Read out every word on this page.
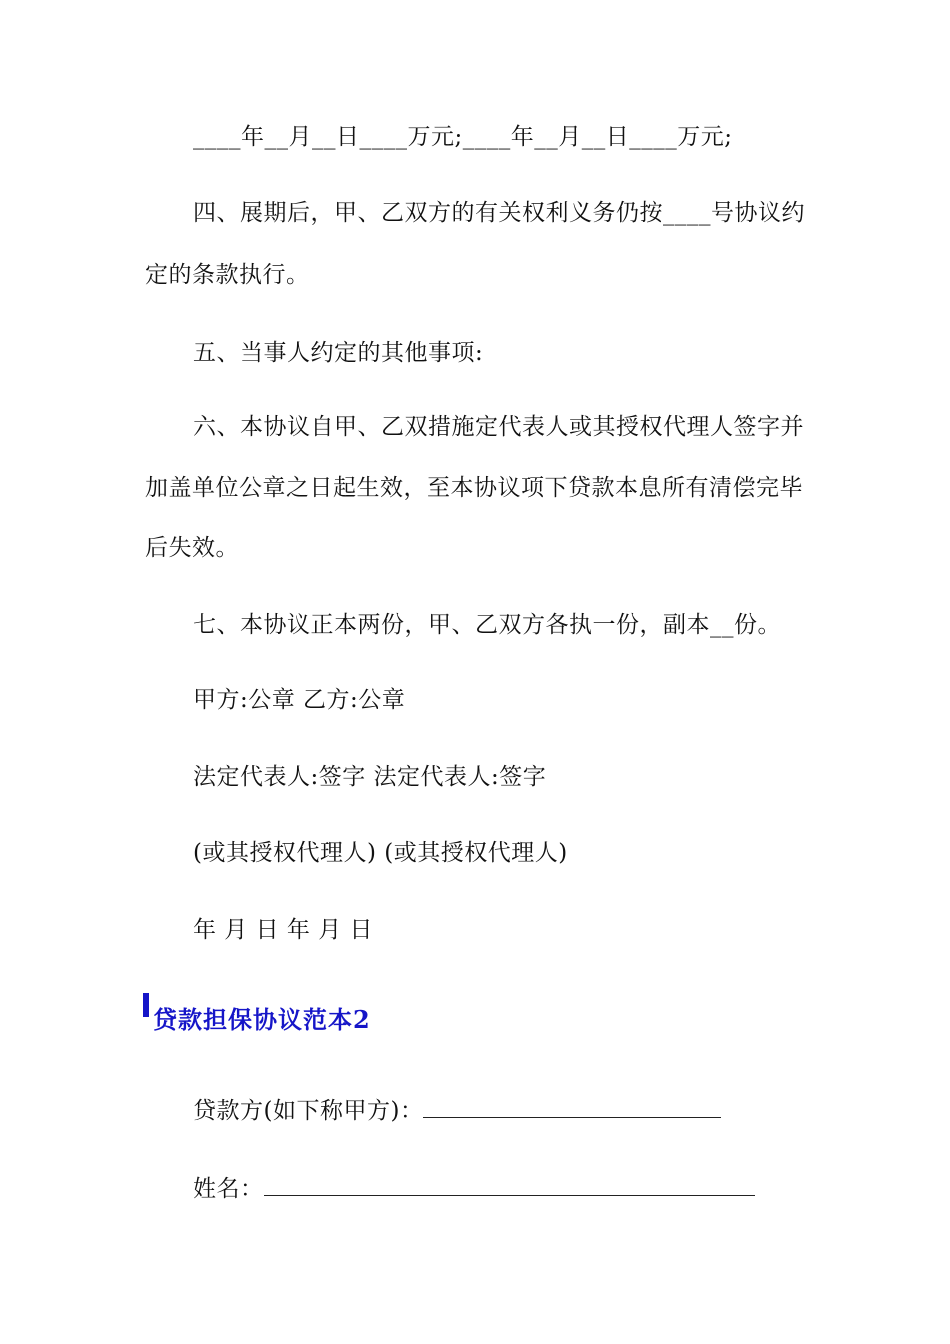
____年__月__日____万元;____年__月__日____万元;
四、展期后，甲、乙双方的有关权利义务仍按____号协议约
定的条款执行。
五、当事人约定的其他事项:
六、本协议自甲、乙双措施定代表人或其授权代理人签字并
加盖单位公章之日起生效，至本协议项下贷款本息所有清偿完毕
后失效。
七、本协议正本两份，甲、乙双方各执一份，副本__份。
甲方:公章 乙方:公章
法定代表人:签字 法定代表人:签字
(或其授权代理人) (或其授权代理人)
年 月 日 年 月 日
贷款担保协议范本2
贷款方(如下称甲方)：
姓名：
